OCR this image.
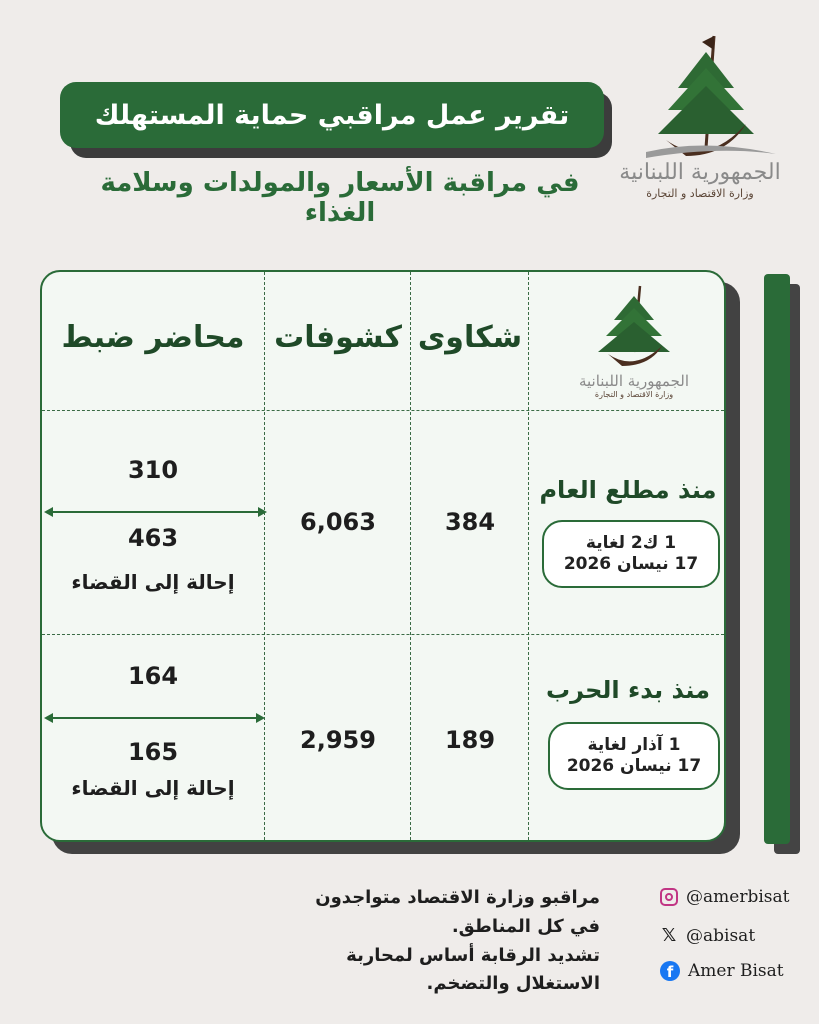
تقرير عمل مراقبي حماية المستهلك
في مراقبة الأسعار والمولدات وسلامة الغذاء
الجمهورية اللبنانية
وزارة الاقتصاد و التجارة
الجمهورية اللبنانية
وزارة الاقتصاد و التجارة
شكاوى
كشوفات
محاضر ضبط
منذ مطلع العام
1 ك2 لغاية
17 نيسان 2026
384
6,063
310
463
إحالة إلى القضاء
منذ بدء الحرب
1 آذار لغاية
17 نيسان 2026
189
2,959
164
165
إحالة إلى القضاء
مراقبو وزارة الاقتصاد متواجدون في كل المناطق.
تشديد الرقابة أساس لمحاربة الاستغلال والتضخم.
@amerbisat
𝕏 @abisat
f Amer Bisat
